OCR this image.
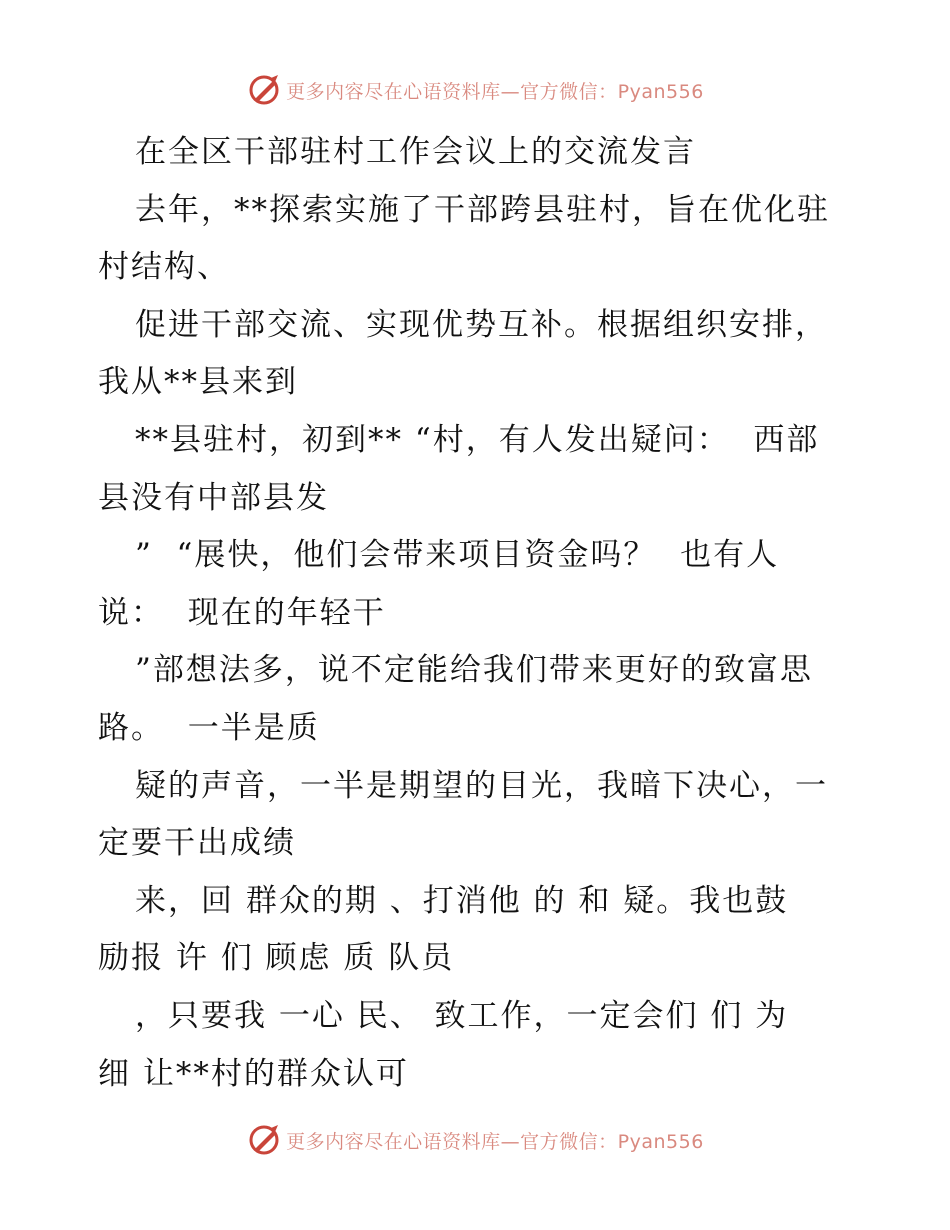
更多内容尽在心语资料库—官方微信：Pyan556
在全区干部驻村工作会议上的交流发言
去年，**探索实施了干部跨县驻村，旨在优化驻
村结构、
促进干部交流、实现优势互补。根据组织安排，
我从**县来到
**县驻村，初到** “村，有人发出疑问：  西部
县没有中部县发
”  “展快，他们会带来项目资金吗？  也有人
说：  现在的年轻干
”部想法多，说不定能给我们带来更好的致富思
路。  一半是质
疑的声音，一半是期望的目光，我暗下决心，一
定要干出成绩
来，回 群众的期 、打消他 的 和 疑。我也鼓
励报 许 们 顾虑 质 队员
，只要我 一心 民、 致工作，一定会们 们 为
细 让**村的群众认可
更多内容尽在心语资料库—官方微信：Pyan556
